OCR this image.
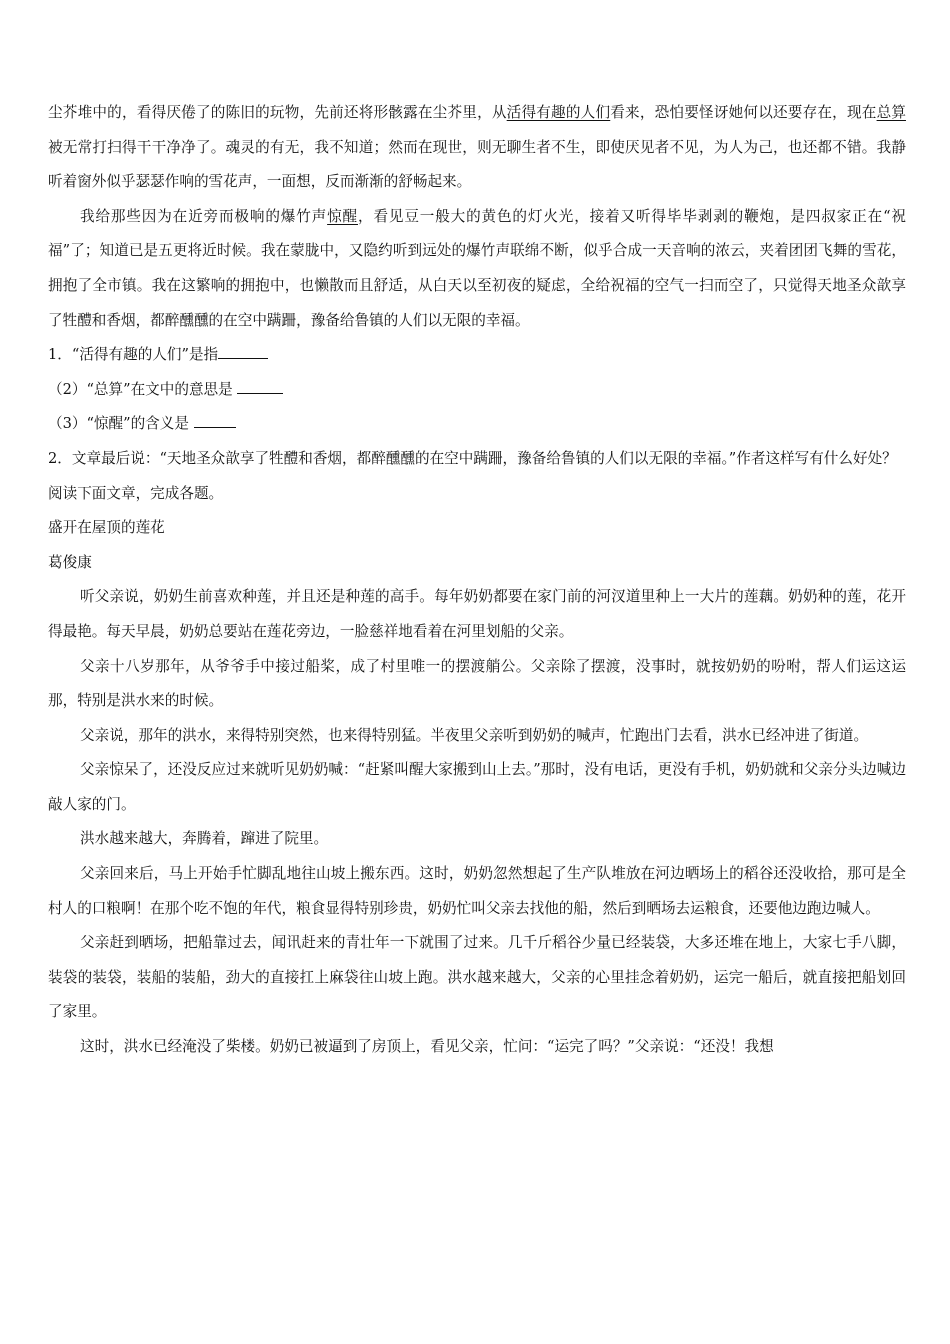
尘芥堆中的，看得厌倦了的陈旧的玩物，先前还将形骸露在尘芥里，从活得有趣的人们看来，恐怕要怪讶她何以还要存在，现在总算被无常打扫得干干净净了。魂灵的有无，我不知道；然而在现世，则无聊生者不生，即使厌见者不见，为人为己，也还都不错。我静听着窗外似乎瑟瑟作响的雪花声，一面想，反而渐渐的舒畅起来。

我给那些因为在近旁而极响的爆竹声惊醒，看见豆一般大的黄色的灯火光，接着又听得毕毕剥剥的鞭炮，是四叔家正在“祝福”了；知道已是五更将近时候。我在蒙胧中，又隐约听到远处的爆竹声联绵不断，似乎合成一天音响的浓云，夹着团团飞舞的雪花，拥抱了全市镇。我在这繁响的拥抱中，也懒散而且舒适，从白天以至初夜的疑虑，全给祝福的空气一扫而空了，只觉得天地圣众歆享了牲醴和香烟，都醉醺醺的在空中蹒跚，豫备给鲁镇的人们以无限的幸福。

1．“活得有趣的人们”是指

（2）“总算”在文中的意思是

（3）“惊醒”的含义是

2．文章最后说：“天地圣众歆享了牲醴和香烟，都醉醺醺的在空中蹒跚，豫备给鲁镇的人们以无限的幸福。”作者这样写有什么好处？

阅读下面文章，完成各题。

盛开在屋顶的莲花

葛俊康

听父亲说，奶奶生前喜欢种莲，并且还是种莲的高手。每年奶奶都要在家门前的河汊道里种上一大片的莲藕。奶奶种的莲，花开得最艳。每天早晨，奶奶总要站在莲花旁边，一脸慈祥地看着在河里划船的父亲。

父亲十八岁那年，从爷爷手中接过船桨，成了村里唯一的摆渡艄公。父亲除了摆渡，没事时，就按奶奶的吩咐，帮人们运这运那，特别是洪水来的时候。

父亲说，那年的洪水，来得特别突然，也来得特别猛。半夜里父亲听到奶奶的喊声，忙跑出门去看，洪水已经冲进了街道。

父亲惊呆了，还没反应过来就听见奶奶喊：“赶紧叫醒大家搬到山上去。”那时，没有电话，更没有手机，奶奶就和父亲分头边喊边敲人家的门。

洪水越来越大，奔腾着，蹿进了院里。

父亲回来后，马上开始手忙脚乱地往山坡上搬东西。这时，奶奶忽然想起了生产队堆放在河边晒场上的稻谷还没收拾，那可是全村人的口粮啊！在那个吃不饱的年代，粮食显得特别珍贵，奶奶忙叫父亲去找他的船，然后到晒场去运粮食，还要他边跑边喊人。

父亲赶到晒场，把船靠过去，闻讯赶来的青壮年一下就围了过来。几千斤稻谷少量已经装袋，大多还堆在地上，大家七手八脚，装袋的装袋，装船的装船，劲大的直接扛上麻袋往山坡上跑。洪水越来越大，父亲的心里挂念着奶奶，运完一船后，就直接把船划回了家里。

这时，洪水已经淹没了柴楼。奶奶已被逼到了房顶上，看见父亲，忙问：“运完了吗？”父亲说：“还没！我想
